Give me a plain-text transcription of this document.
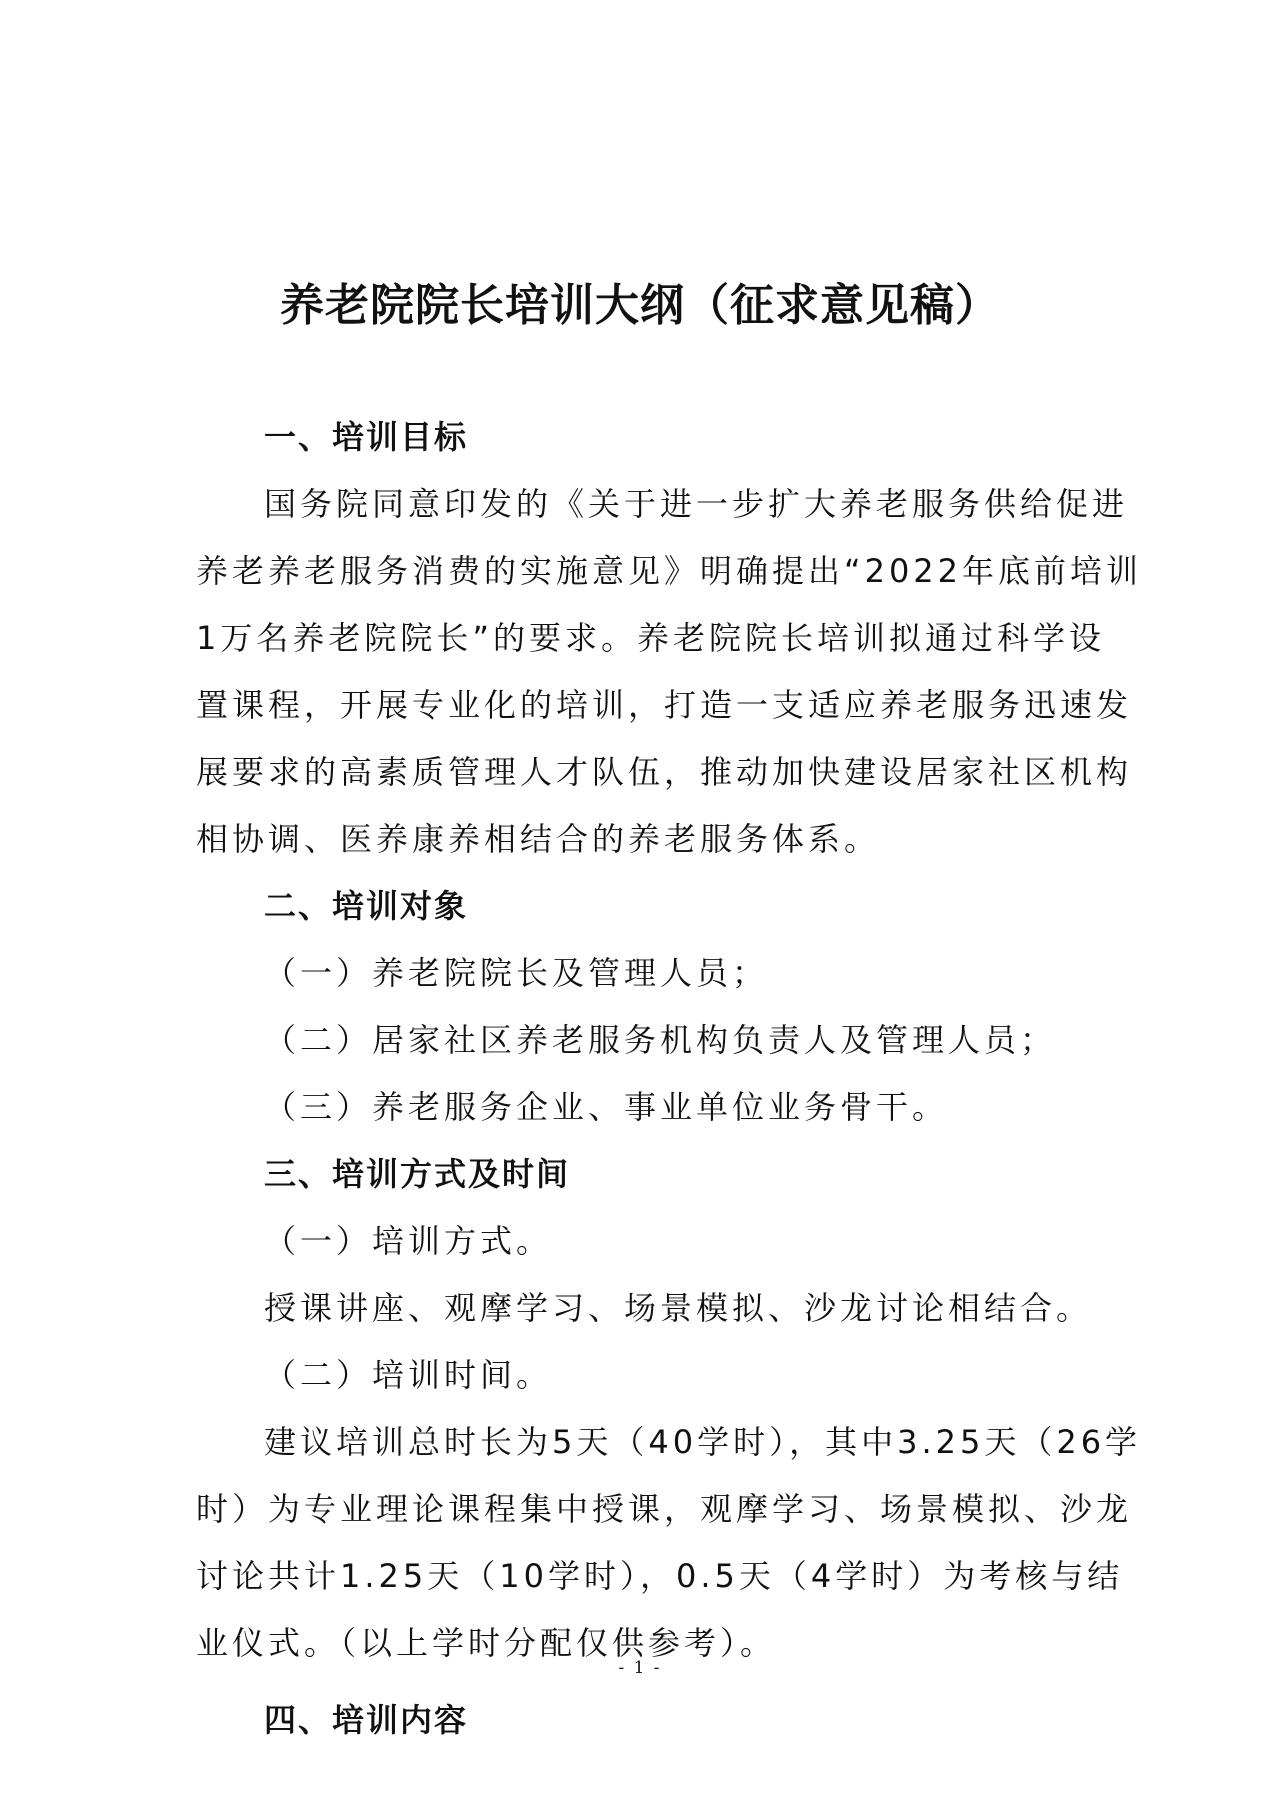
养老院院长培训大纲（征求意见稿）
一、培训目标
国务院同意印发的《关于进一步扩大养老服务供给促进
养老养老服务消费的实施意见》明确提出“2022年底前培训
1万名养老院院长”的要求。养老院院长培训拟通过科学设
置课程，开展专业化的培训，打造一支适应养老服务迅速发
展要求的高素质管理人才队伍，推动加快建设居家社区机构
相协调、医养康养相结合的养老服务体系。
二、培训对象
（一）养老院院长及管理人员；
（二）居家社区养老服务机构负责人及管理人员；
（三）养老服务企业、事业单位业务骨干。
三、培训方式及时间
（一）培训方式。
授课讲座、观摩学习、场景模拟、沙龙讨论相结合。
（二）培训时间。
建议培训总时长为5天（40学时），其中3.25天（26学
时）为专业理论课程集中授课，观摩学习、场景模拟、沙龙
讨论共计1.25天（10学时），0.5天（4学时）为考核与结
业仪式。（以上学时分配仅供参考）。
四、培训内容
- 1 -
